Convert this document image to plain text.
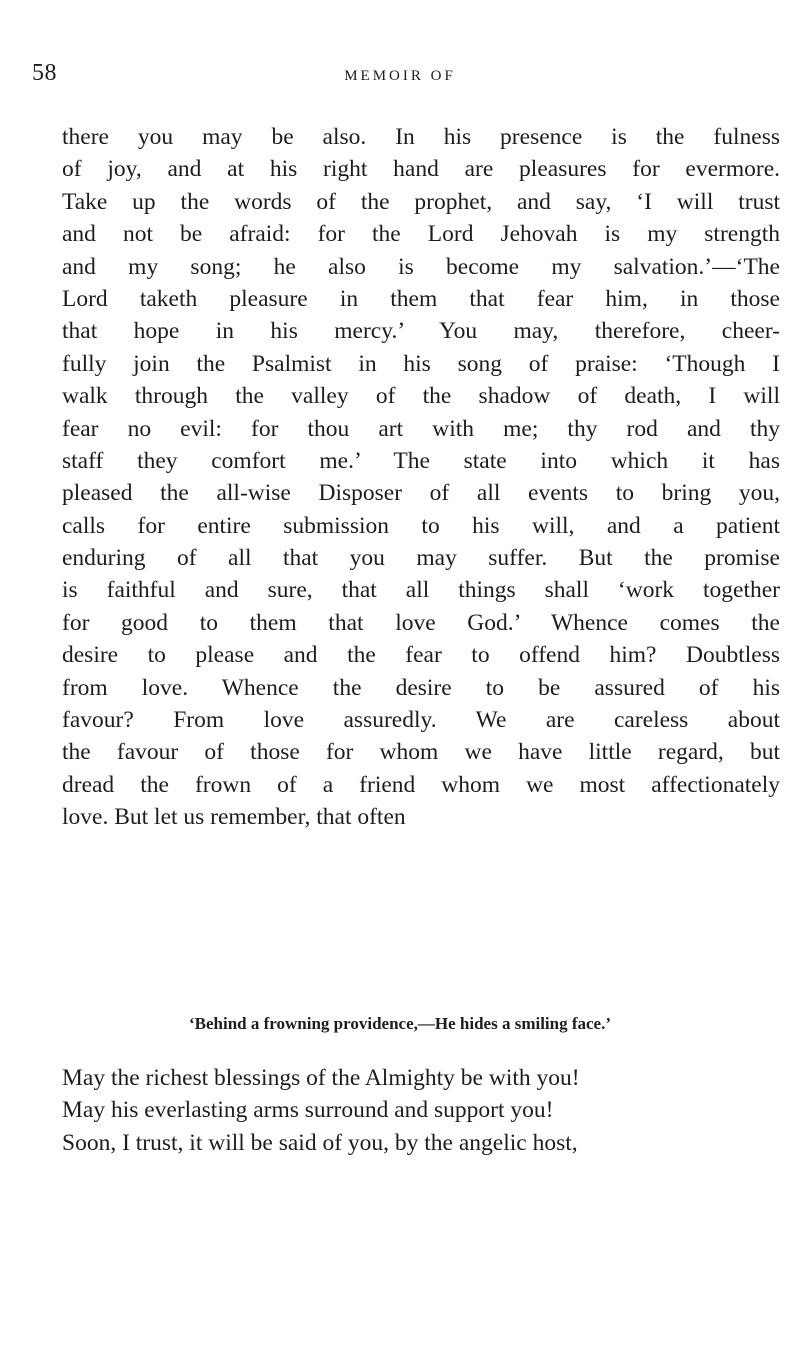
58	MEMOIR OF
there you may be also. In his presence is the fulness
of joy, and at his right hand are pleasures for evermore.
Take up the words of the prophet, and say, ‘I will trust
and not be afraid: for the Lord Jehovah is my strength
and my song; he also is become my salvation.’—‘The
Lord taketh pleasure in them that fear him, in those
that hope in his mercy.’ You may, therefore, cheer-
fully join the Psalmist in his song of praise: ‘Though I
walk through the valley of the shadow of death, I will
fear no evil: for thou art with me; thy rod and thy
staff they comfort me.’ The state into which it has
pleased the all-wise Disposer of all events to bring you,
calls for entire submission to his will, and a patient
enduring of all that you may suffer. But the promise
is faithful and sure, that all things shall ‘work together
for good to them that love God.’ Whence comes the
desire to please and the fear to offend him? Doubtless
from love. Whence the desire to be assured of his
favour? From love assuredly. We are careless about
the favour of those for whom we have little regard, but
dread the frown of a friend whom we most affectionately
love. But let us remember, that often
‘Behind a frowning providence,—He hides a smiling face.’
May the richest blessings of the Almighty be with you!
May his everlasting arms surround and support you!
Soon, I trust, it will be said of you, by the angelic host,
